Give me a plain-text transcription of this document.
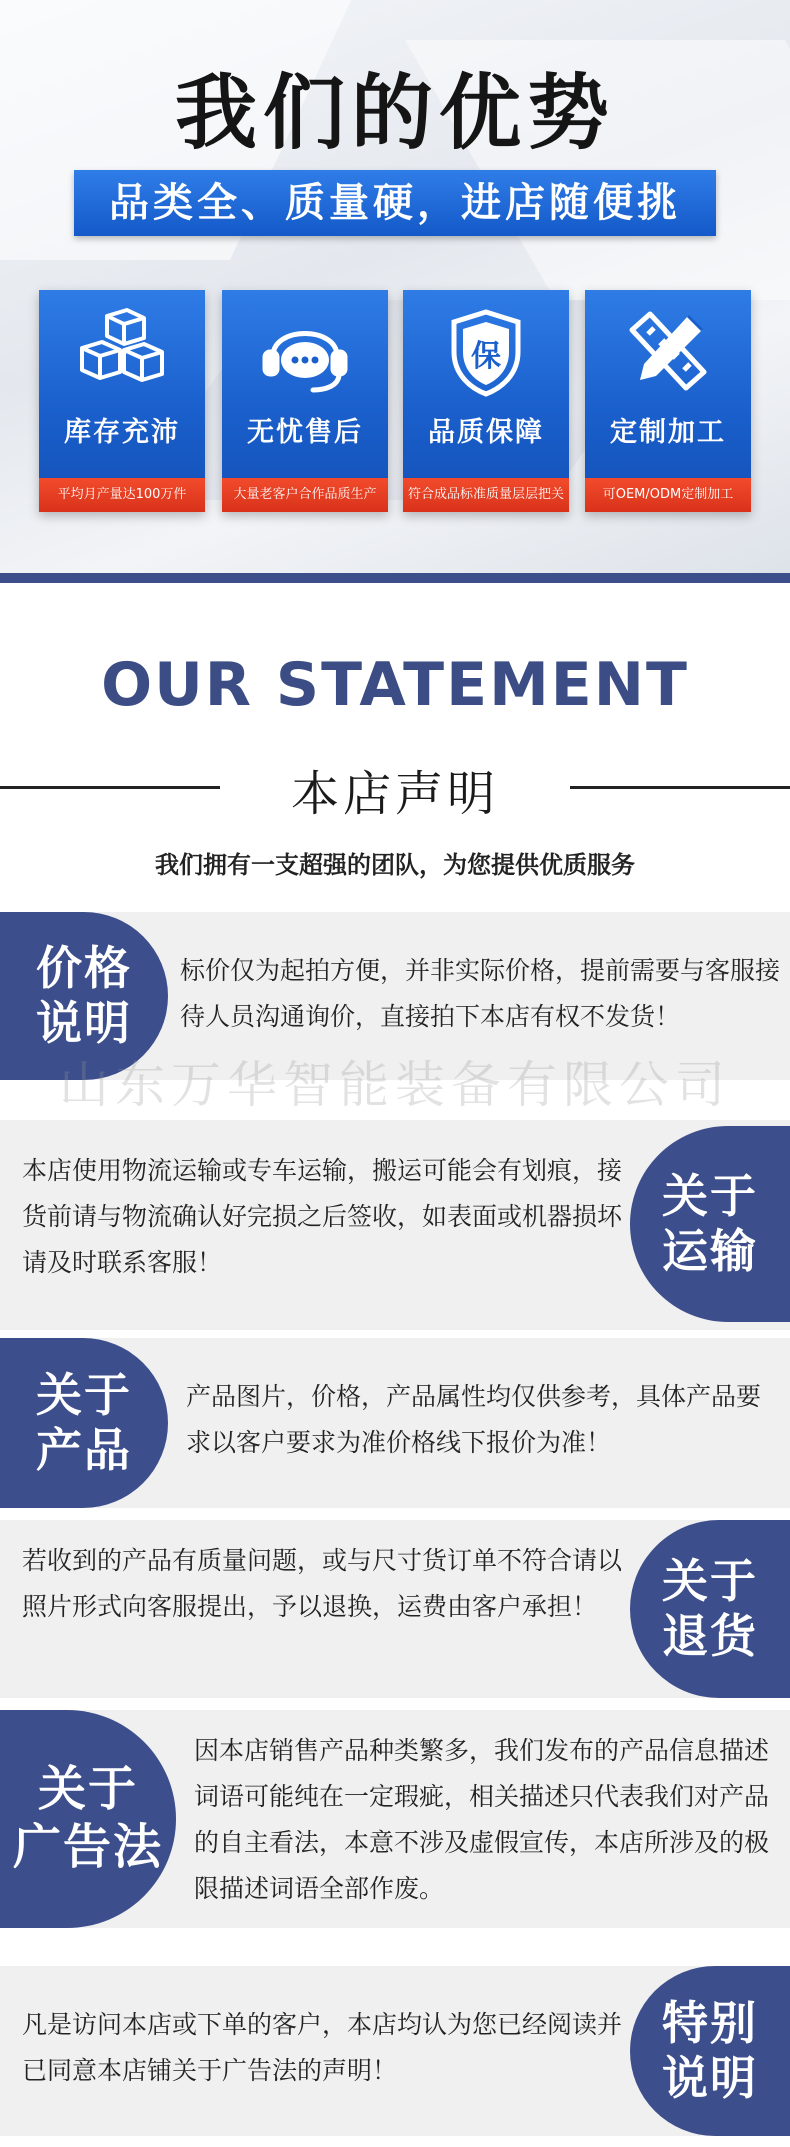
我们的优势
品类全、质量硬，进店随便挑
库存充沛
平均月产量达100万件
无忧售后
大量老客户合作品质生产
保
品质保障
符合成品标准质量层层把关
定制加工
可OEM/ODM定制加工
OUR STATEMENT
本店声明
我们拥有一支超强的团队，为您提供优质服务
价格
说明
标价仅为起拍方便，并非实际价格，提前需要与客服接待人员沟通询价，直接拍下本店有权不发货！
山东万华智能装备有限公司
本店使用物流运输或专车运输，搬运可能会有划痕，接货前请与物流确认好完损之后签收，如表面或机器损坏请及时联系客服！
关于
运输
关于
产品
产品图片，价格，产品属性均仅供参考，具体产品要求以客户要求为准价格线下报价为准！
若收到的产品有质量问题，或与尺寸货订单不符合请以照片形式向客服提出，予以退换，运费由客户承担！	关于
退货
关于
广告法
因本店销售产品种类繁多，我们发布的产品信息描述词语可能纯在一定瑕疵，相关描述只代表我们对产品的自主看法，本意不涉及虚假宣传，本店所涉及的极限描述词语全部作废。
凡是访问本店或下单的客户，本店均认为您已经阅读并已同意本店铺关于广告法的声明！
特别
说明
